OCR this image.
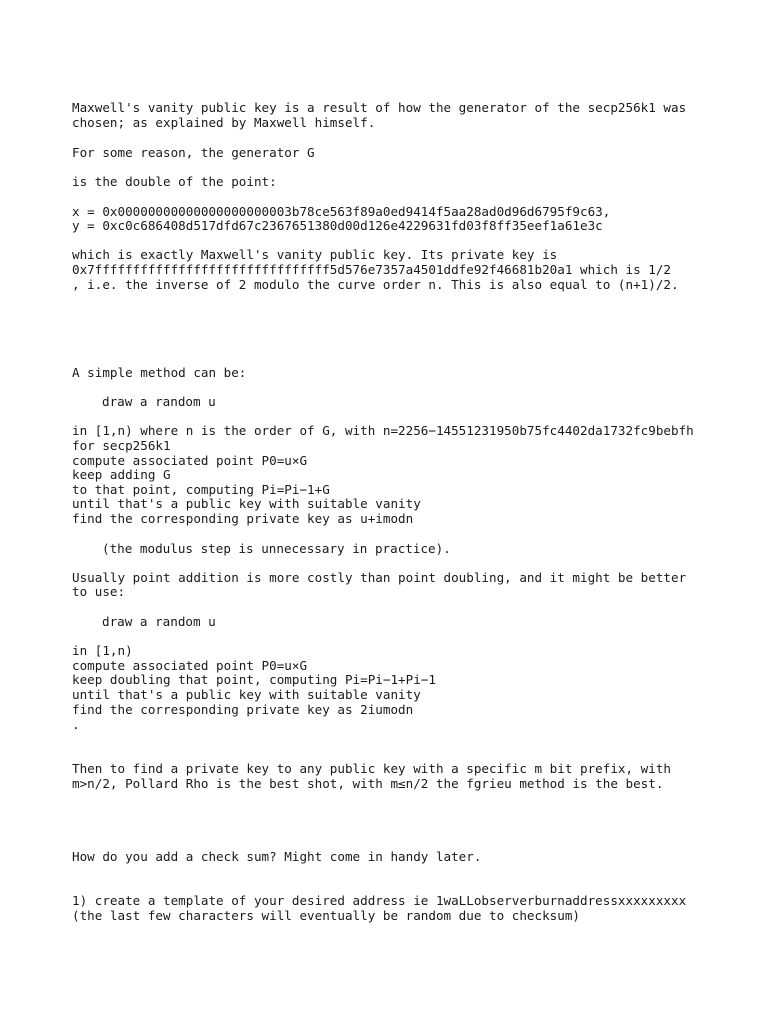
Maxwell's vanity public key is a result of how the generator of the secp256k1 was

chosen; as explained by Maxwell himself.

For some reason, the generator G

is the double of the point:

x = 0x00000000000000000000003b78ce563f89a0ed9414f5aa28ad0d96d6795f9c63,

y = 0xc0c686408d517dfd67c2367651380d00d126e4229631fd03f8ff35eef1a61e3c

which is exactly Maxwell's vanity public key. Its private key is

0x7fffffffffffffffffffffffffffffff5d576e7357a4501ddfe92f46681b20a1 which is 1/2

, i.e. the inverse of 2 modulo the curve order n. This is also equal to (n+1)/2.

A simple method can be:

draw a random u

in [1,n) where n is the order of G, with n=2256−14551231950b75fc4402da1732fc9bebfh

for secp256k1

compute associated point P0=u×G

keep adding G

to that point, computing Pi=Pi−1+G

until that's a public key with suitable vanity

find the corresponding private key as u+imodn

(the modulus step is unnecessary in practice).

Usually point addition is more costly than point doubling, and it might be better

to use:

draw a random u

in [1,n)

compute associated point P0=u×G

keep doubling that point, computing Pi=Pi−1+Pi−1

until that's a public key with suitable vanity

find the corresponding private key as 2iumodn

.

Then to find a private key to any public key with a specific m bit prefix, with

m>n/2, Pollard Rho is the best shot, with m≤n/2 the fgrieu method is the best.

How do you add a check sum? Might come in handy later.

1) create a template of your desired address ie 1waLLobserverburnaddressxxxxxxxxx

(the last few characters will eventually be random due to checksum)
